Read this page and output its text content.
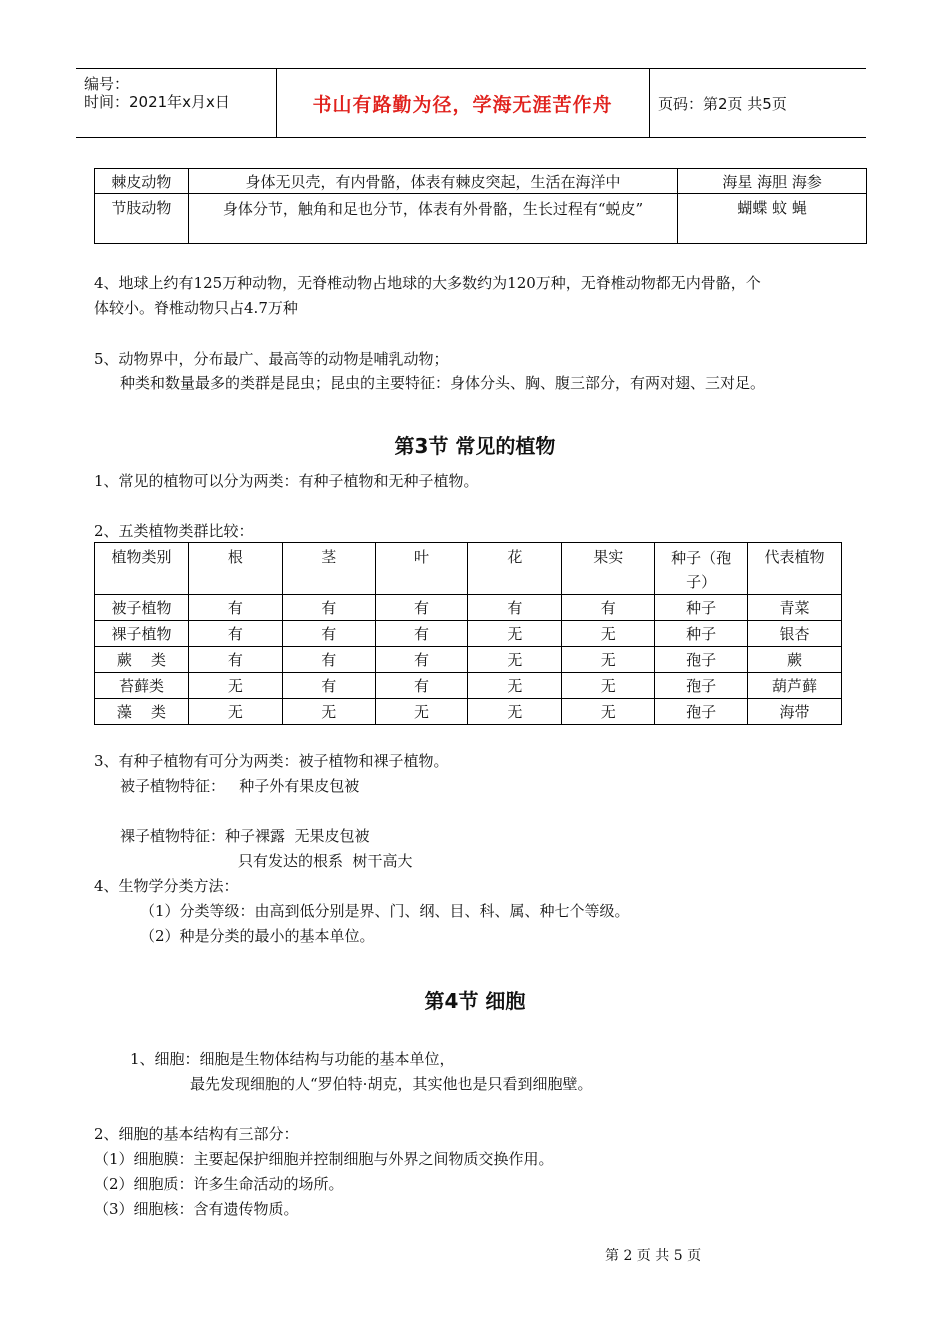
编号：
时间：2021年x月x日	书山有路勤为径，学海无涯苦作舟	页码：第2页 共5页
棘皮动物	身体无贝壳，有内骨骼，体表有棘皮突起，生活在海洋中	海星 海胆 海参
节肢动物	身体分节，触角和足也分节，体表有外骨骼，生长过程有“蜕皮”	蝴蝶 蚊 蝇
4、地球上约有125万种动物，无脊椎动物占地球的大多数约为120万种，无脊椎动物都无内骨骼，个
体较小。脊椎动物只占4.7万种
5、动物界中，分布最广、最高等的动物是哺乳动物；
种类和数量最多的类群是昆虫；昆虫的主要特征：身体分头、胸、腹三部分，有两对翅、三对足。
第3节 常见的植物
1、常见的植物可以分为两类：有种子植物和无种子植物。
2、五类植物类群比较：
植物类别	根	茎	叶	花	果实	种子（孢子）	代表植物
被子植物	有	有	有	有	有	种子	青菜
裸子植物	有	有	有	无	无	种子	银杏
蕨    类	有	有	有	无	无	孢子	蕨
苔藓类	无	有	有	无	无	孢子	葫芦藓
藻    类	无	无	无	无	无	孢子	海带
3、有种子植物有可分为两类：被子植物和裸子植物。
被子植物特征：   种子外有果皮包被
裸子植物特征：种子裸露  无果皮包被
只有发达的根系  树干高大
4、生物学分类方法：
（1）分类等级：由高到低分别是界、门、纲、目、科、属、种七个等级。
（2）种是分类的最小的基本单位。
第4节 细胞
1、细胞：细胞是生物体结构与功能的基本单位，
最先发现细胞的人“罗伯特·胡克，其实他也是只看到细胞壁。
2、细胞的基本结构有三部分：
（1）细胞膜：主要起保护细胞并控制细胞与外界之间物质交换作用。
（2）细胞质：许多生命活动的场所。
（3）细胞核：含有遗传物质。
第 2 页 共 5 页
